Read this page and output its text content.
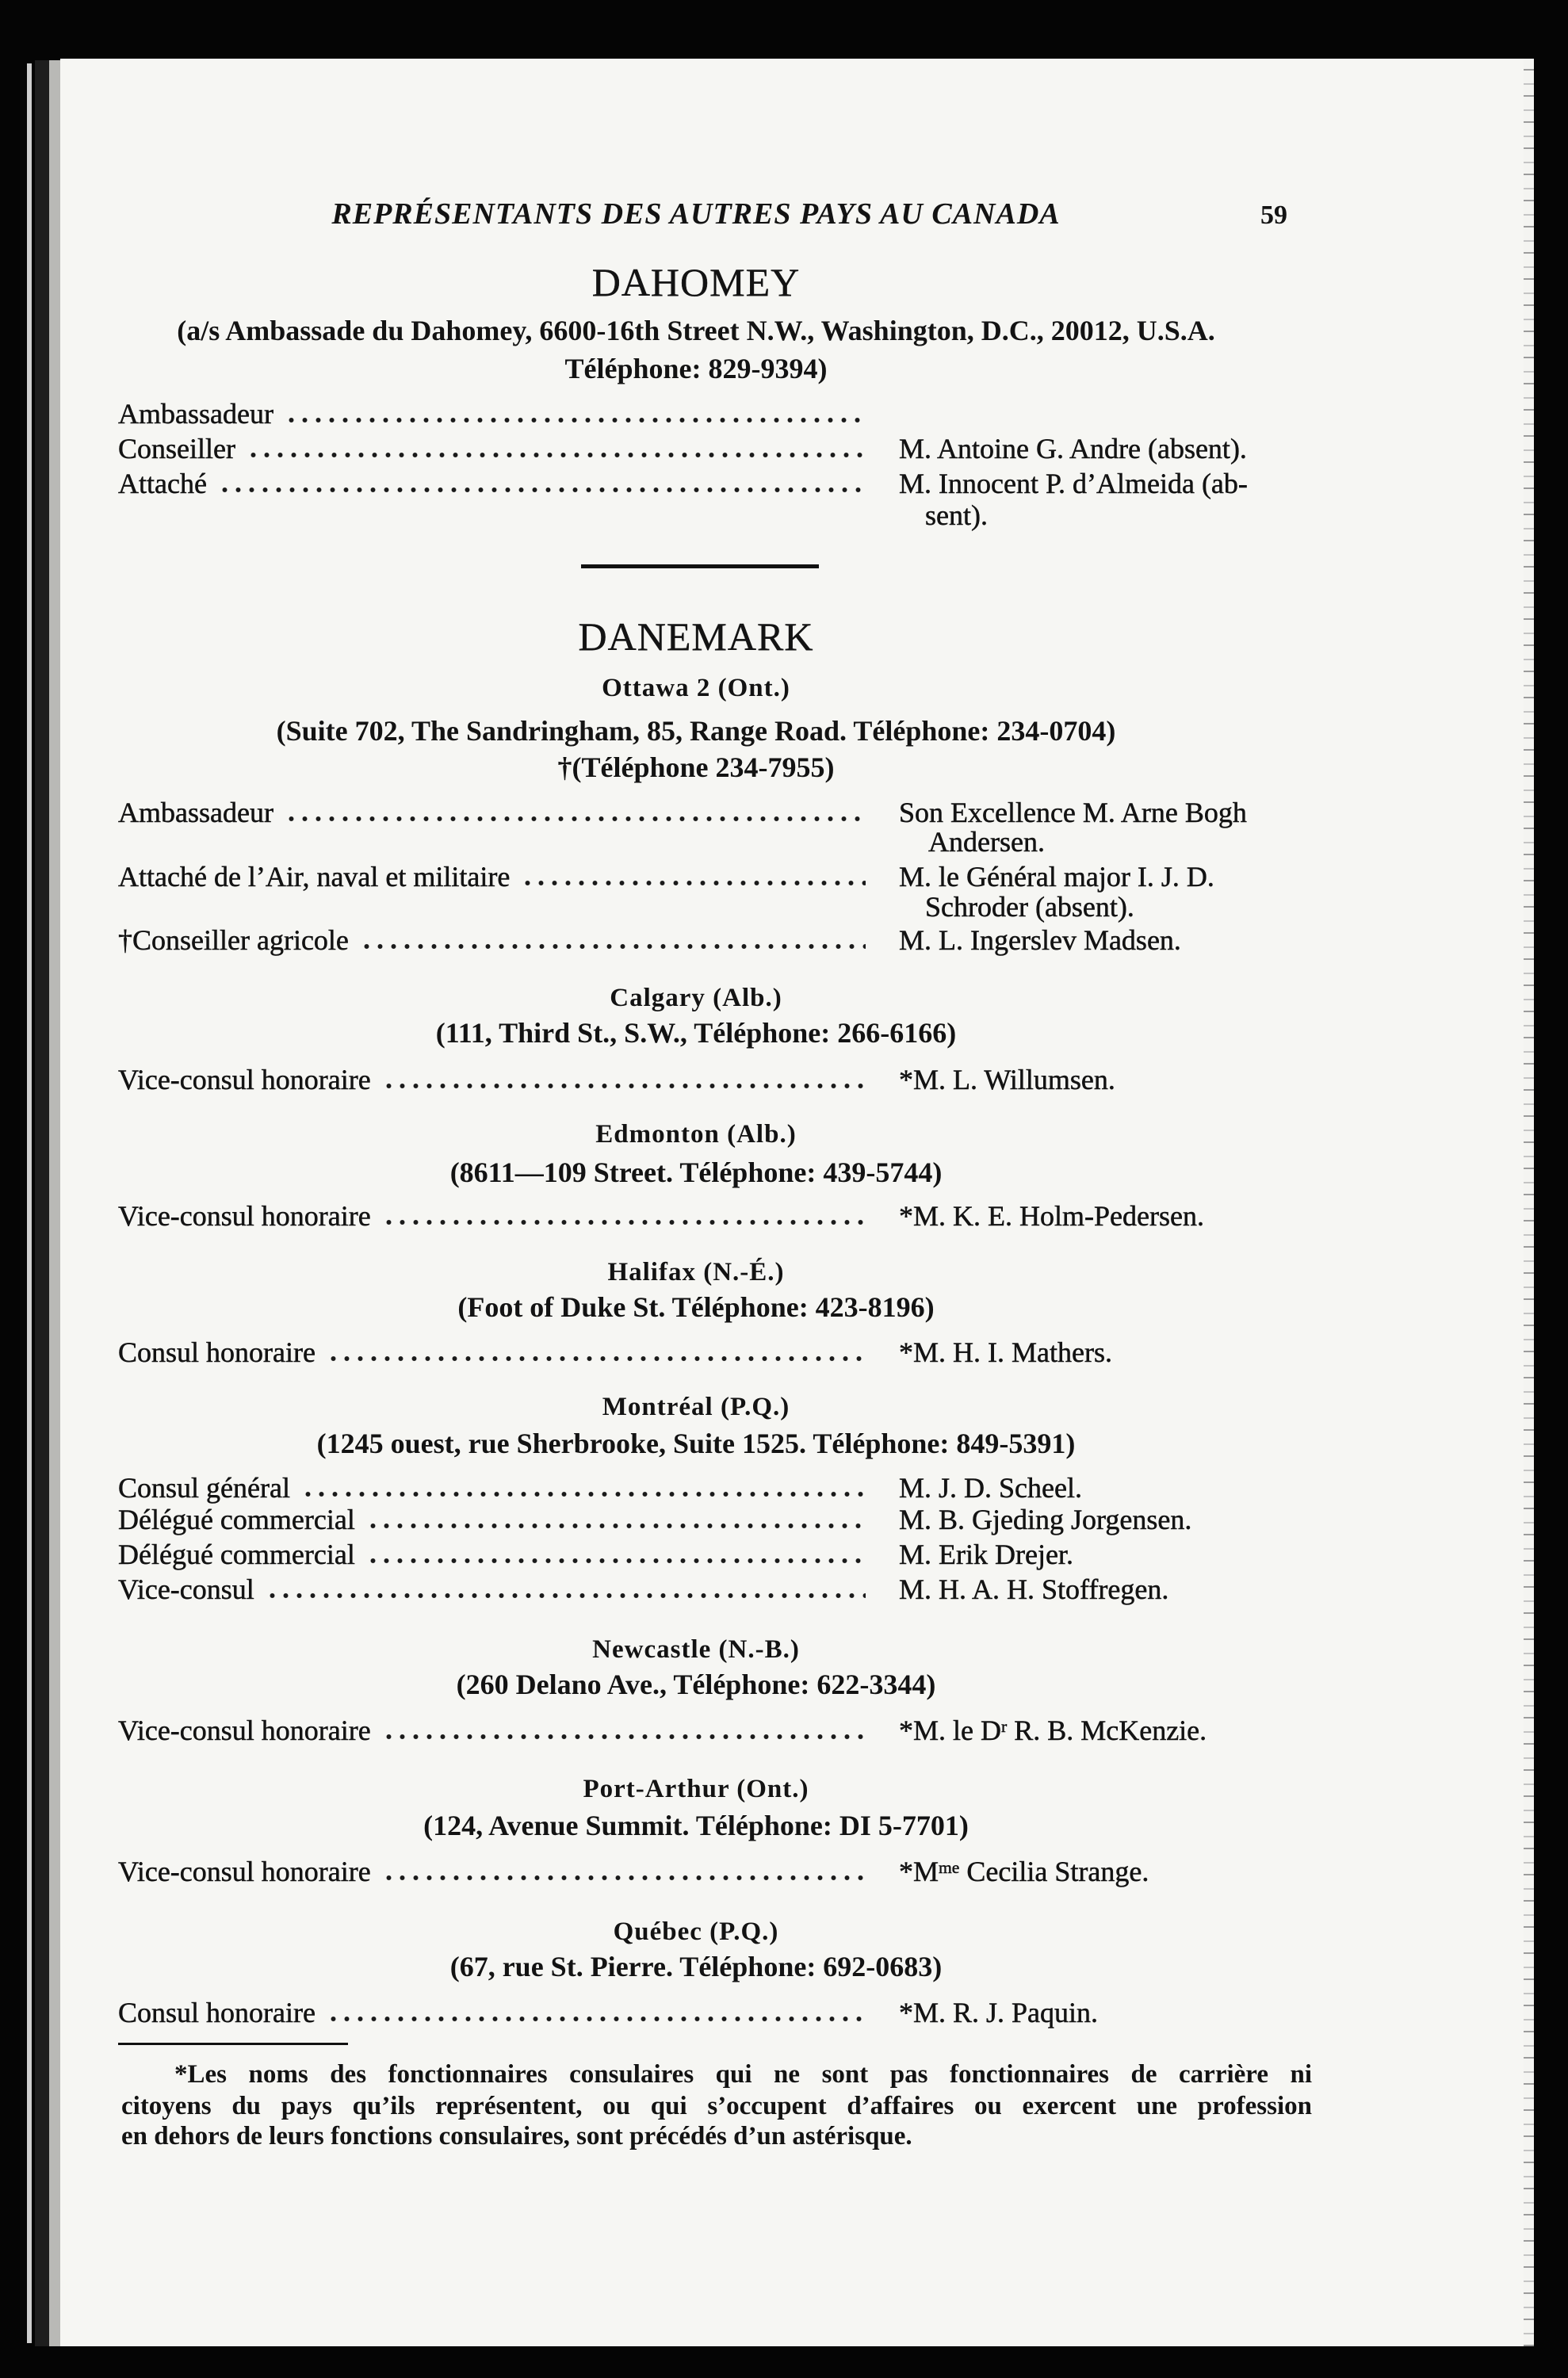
REPRÉSENTANTS DES AUTRES PAYS AU CANADA	59
DAHOMEY
(a/s Ambassade du Dahomey, 6600-16th Street N.W., Washington, D.C., 20012, U.S.A.
Téléphone: 829-9394)
Ambassadeur
Conseiller	M. Antoine G. Andre (absent).
Attaché	M. Innocent P. d’Almeida (ab-
sent).
DANEMARK
Ottawa 2 (Ont.)
(Suite 702, The Sandringham, 85, Range Road. Téléphone: 234-0704)
†(Téléphone 234-7955)
Ambassadeur	Son Excellence M. Arne Bogh
Andersen.
Attaché de l’Air, naval et militaire	M. le Général major I. J. D.
Schroder (absent).
†Conseiller agricole	M. L. Ingerslev Madsen.
Calgary (Alb.)
(111, Third St., S.W., Téléphone: 266-6166)
Vice-consul honoraire	*M. L. Willumsen.
Edmonton (Alb.)
(8611—109 Street. Téléphone: 439-5744)
Vice-consul honoraire	*M. K. E. Holm-Pedersen.
Halifax (N.-É.)
(Foot of Duke St. Téléphone: 423-8196)
Consul honoraire	*M. H. I. Mathers.
Montréal (P.Q.)
(1245 ouest, rue Sherbrooke, Suite 1525. Téléphone: 849-5391)
Consul général	M. J. D. Scheel.
Délégué commercial	M. B. Gjeding Jorgensen.
Délégué commercial	M. Erik Drejer.
Vice-consul	M. H. A. H. Stoffregen.
Newcastle (N.-B.)
(260 Delano Ave., Téléphone: 622-3344)
Vice-consul honoraire	*M. le $D^r$ R. B. McKenzie.
Port-Arthur (Ont.)
(124, Avenue Summit. Téléphone: DI 5-7701)
Vice-consul honoraire	$*M^{me}$ Cecilia Strange.
Québec (P.Q.)
(67, rue St. Pierre. Téléphone: 692-0683)
Consul honoraire	*M. R. J. Paquin.
*Les noms des fonctionnaires consulaires qui ne sont pas fonctionnaires de carrière ni
citoyens du pays qu’ils représentent, ou qui s’occupent d’affaires ou exercent une profession
en dehors de leurs fonctions consulaires, sont précédés d’un astérisque.
